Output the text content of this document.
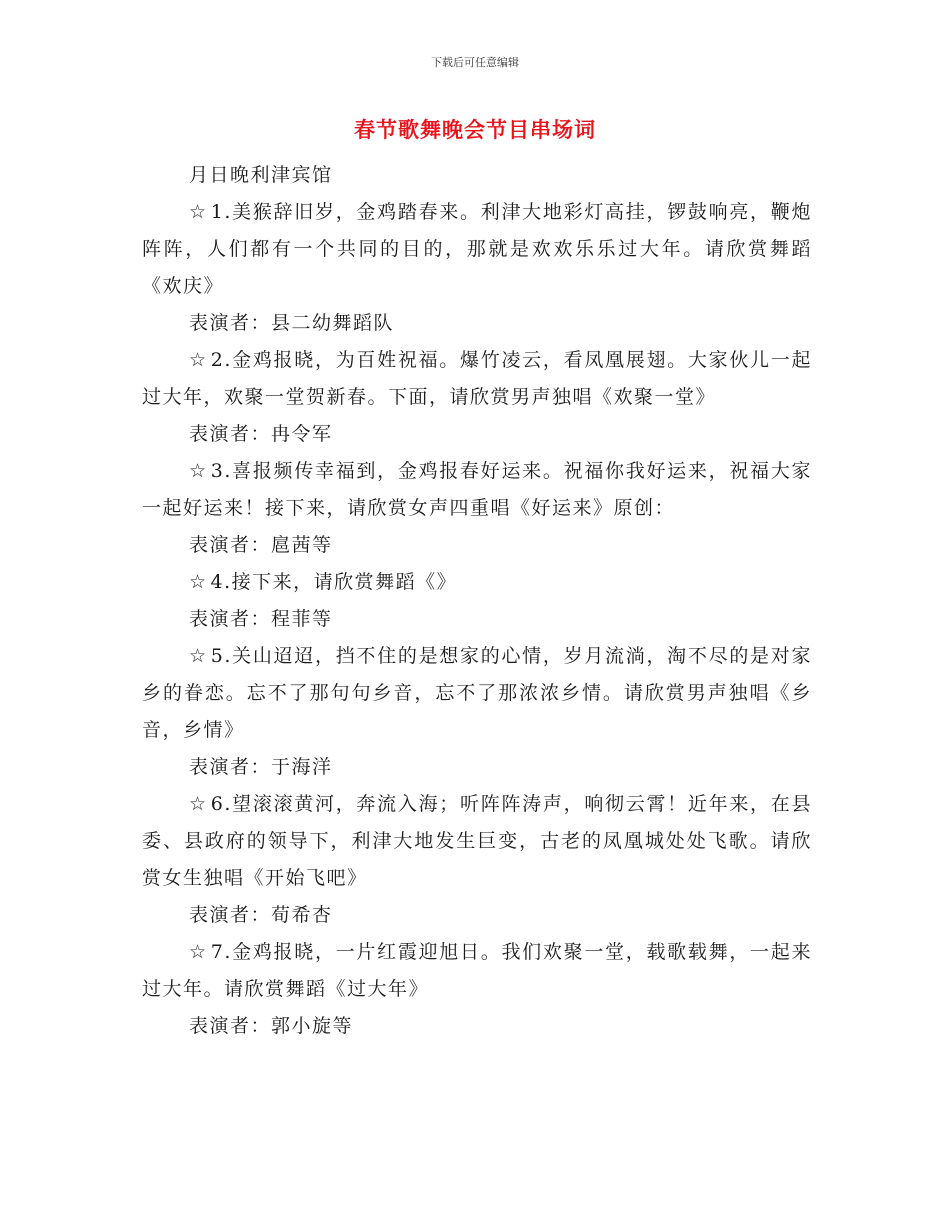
下载后可任意编辑
春节歌舞晚会节目串场词

月日晚利津宾馆

☆ 1.美猴辞旧岁，金鸡踏春来。利津大地彩灯高挂，锣鼓响亮，鞭炮阵阵，人们都有一个共同的目的，那就是欢欢乐乐过大年。请欣赏舞蹈《欢庆》

表演者：县二幼舞蹈队

☆ 2.金鸡报晓，为百姓祝福。爆竹凌云，看凤凰展翅。大家伙儿一起过大年，欢聚一堂贺新春。下面，请欣赏男声独唱《欢聚一堂》

表演者：冉令军

☆ 3.喜报频传幸福到，金鸡报春好运来。祝福你我好运来，祝福大家一起好运来！接下来，请欣赏女声四重唱《好运来》原创：

表演者：扈茜等

☆ 4.接下来，请欣赏舞蹈《》

表演者：程菲等

☆ 5.关山迢迢，挡不住的是想家的心情，岁月流淌，淘不尽的是对家乡的眷恋。忘不了那句句乡音，忘不了那浓浓乡情。请欣赏男声独唱《乡音，乡情》

表演者：于海洋

☆ 6.望滚滚黄河，奔流入海；听阵阵涛声，响彻云霄！近年来，在县委、县政府的领导下，利津大地发生巨变，古老的凤凰城处处飞歌。请欣赏女生独唱《开始飞吧》

表演者：荀希杏

☆ 7.金鸡报晓，一片红霞迎旭日。我们欢聚一堂，载歌载舞，一起来过大年。请欣赏舞蹈《过大年》

表演者：郭小旋等
